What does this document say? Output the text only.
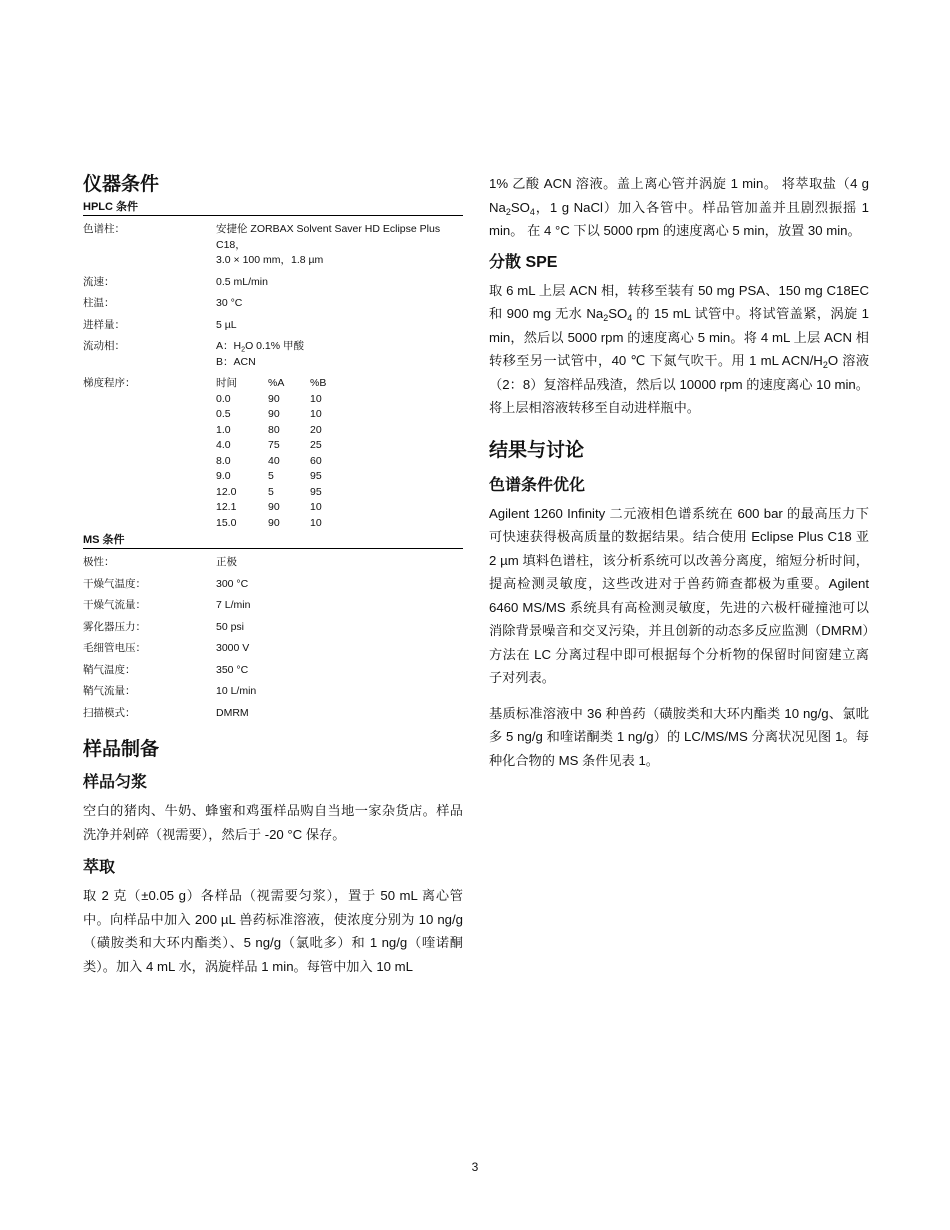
仪器条件
HPLC 条件
色谱柱：	安捷伦 ZORBAX Solvent Saver HD Eclipse Plus C18，
3.0 × 100 mm，1.8 µm
流速：	0.5 mL/min
柱温：	30 °C
进样量：	5 µL
流动相：	A：$H_2O$ 0.1% 甲酸
B：ACN
梯度程序：	时间	%A	%B
0.0	90	10
0.5	90	10
1.0	80	20
4.0	75	25
8.0	40	60
9.0	5	95
12.0	5	95
12.1	90	10
15.0	90	10
MS 条件
极性：	正极
干燥气温度：	300 °C
干燥气流量：	7 L/min
雾化器压力：	50 psi
毛细管电压：	3000 V
鞘气温度：	350 °C
鞘气流量：	10 L/min
扫描模式：	DMRM
样品制备
样品匀浆

空白的猪肉、牛奶、蜂蜜和鸡蛋样品购自当地一家杂货店。样品洗净并剁碎（视需要），然后于 -20 °C 保存。

萃取

取 2 克（±0.05 g）各样品（视需要匀浆），置于 50 mL 离心管中。向样品中加入 200 µL 兽药标准溶液，使浓度分别为 10 ng/g（磺胺类和大环内酯类）、5 ng/g（氯吡多）和 1 ng/g（喹诺酮类）。加入 4 mL 水，涡旋样品 1 min。每管中加入 10 mL

1% 乙酸 ACN 溶液。盖上离心管并涡旋 1 min。 将萃取盐（4 g $Na_2SO_4$，1 g NaCl）加入各管中。样品管加盖并且剧烈振摇 1 min。 在 4 °C 下以 5000 rpm 的速度离心 5 min，放置 30 min。

分散 SPE

取 6 mL 上层 ACN 相，转移至装有 50 mg PSA、150 mg C18EC 和 900 mg 无水 $Na_2SO_4$ 的 15 mL 试管中。将试管盖紧，涡旋 1 min，然后以 5000 rpm 的速度离心 5 min。将 4 mL 上层 ACN 相转移至另一试管中，40 ℃ 下氮气吹干。用 1 mL ACN/$H_2O$ 溶液（2：8）复溶样品残渣，然后以 10000 rpm 的速度离心 10 min。将上层相溶液转移至自动进样瓶中。

结果与讨论
色谱条件优化

Agilent 1260 Infinity 二元液相色谱系统在 600 bar 的最高压力下可快速获得极高质量的数据结果。结合使用 Eclipse Plus C18 亚 2 µm 填料色谱柱，该分析系统可以改善分离度，缩短分析时间，提高检测灵敏度，这些改进对于兽药筛查都极为重要。Agilent 6460 MS/MS 系统具有高检测灵敏度，先进的六极杆碰撞池可以消除背景噪音和交叉污染，并且创新的动态多反应监测（DMRM）方法在 LC 分离过程中即可根据每个分析物的保留时间窗建立离子对列表。

基质标准溶液中 36 种兽药（磺胺类和大环内酯类 10 ng/g、氯吡多 5 ng/g 和喹诺酮类 1 ng/g）的 LC/MS/MS 分离状况见图 1。每种化合物的 MS 条件见表 1。

3
